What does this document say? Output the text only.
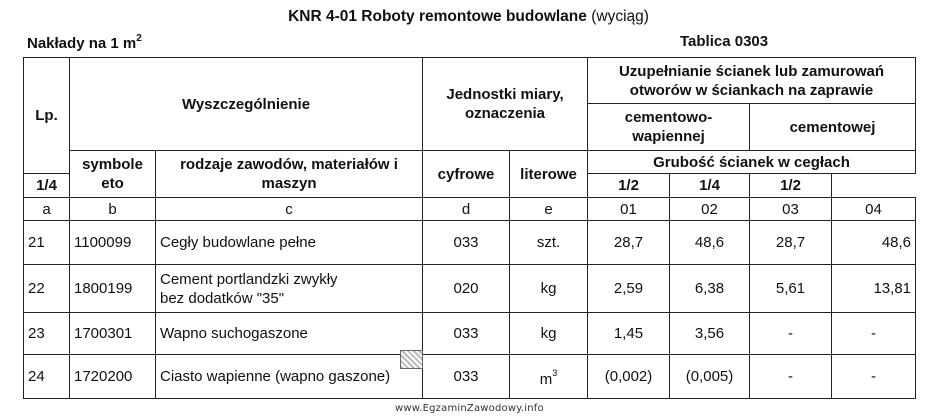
KNR 4-01 Roboty remontowe budowlane (wyciąg)
Nakłady na 1 $m^2$	Tablica 0303
Lp.	Wyszczególnienie		Jednostki miary, oznaczenia		Uzupełnianie ścianek lub zamurowań otworów w ściankach na zaprawie			
					cementowo-wapiennej		cementowej	
	symbole eto	rodzaje zawodów, materiałów i maszyn	cyfrowe	literowe	Grubość ścianek w cegłach			
1/4					1/2	1/4	1/2	
a	b	c	d	e	01	02	03	04
21	1100099	Cegły budowlane pełne	033	szt.	28,7	48,6	28,7	48,6
22	1800199	Cement portlandzki zwykły
bez dodatków "35"	020	kg	2,59	6,38	5,61	13,81
23	1700301	Wapno suchogaszone	033	kg	1,45	3,56	-	-
24	1720200	Ciasto wapienne (wapno gaszone)	033	$m^3$	(0,002)	(0,005)	-	-
www.EgzaminZawodowy.info
